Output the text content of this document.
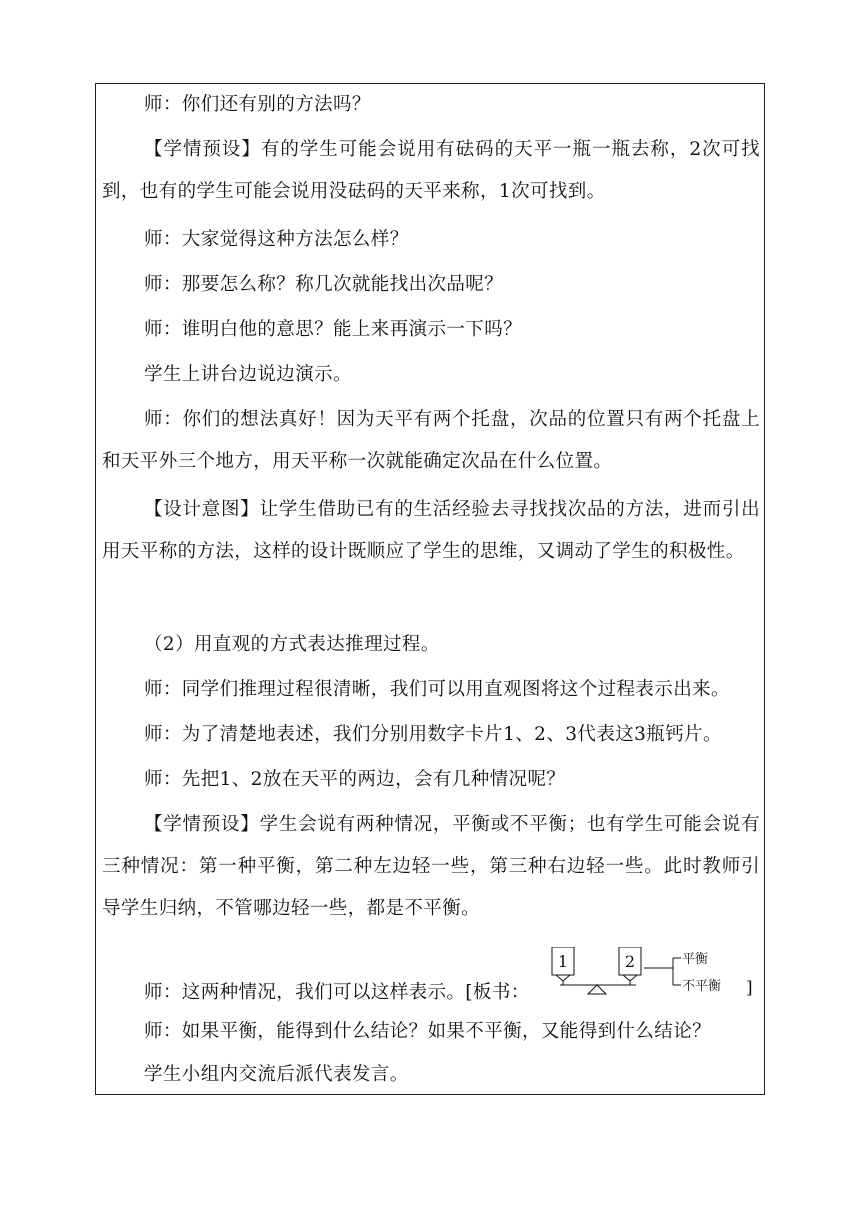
师：你们还有别的方法吗？
【学情预设】有的学生可能会说用有砝码的天平一瓶一瓶去称，2次可找到，也有的学生可能会说用没砝码的天平来称，1次可找到。
师：大家觉得这种方法怎么样？
师：那要怎么称？称几次就能找出次品呢？
师：谁明白他的意思？能上来再演示一下吗？
学生上讲台边说边演示。
师：你们的想法真好！因为天平有两个托盘，次品的位置只有两个托盘上和天平外三个地方，用天平称一次就能确定次品在什么位置。
【设计意图】让学生借助已有的生活经验去寻找找次品的方法，进而引出用天平称的方法，这样的设计既顺应了学生的思维，又调动了学生的积极性。
（2）用直观的方式表达推理过程。
师：同学们推理过程很清晰，我们可以用直观图将这个过程表示出来。
师：为了清楚地表述，我们分别用数字卡片1、2、3代表这3瓶钙片。
师：先把1、2放在天平的两边，会有几种情况呢？
【学情预设】学生会说有两种情况，平衡或不平衡；也有学生可能会说有三种情况：第一种平衡，第二种左边轻一些，第三种右边轻一些。此时教师引导学生归纳，不管哪边轻一些，都是不平衡。
师：这两种情况，我们可以这样表示。[板书：
1	2	平衡
不平衡 ]
师：如果平衡，能得到什么结论？如果不平衡，又能得到什么结论？
学生小组内交流后派代表发言。
